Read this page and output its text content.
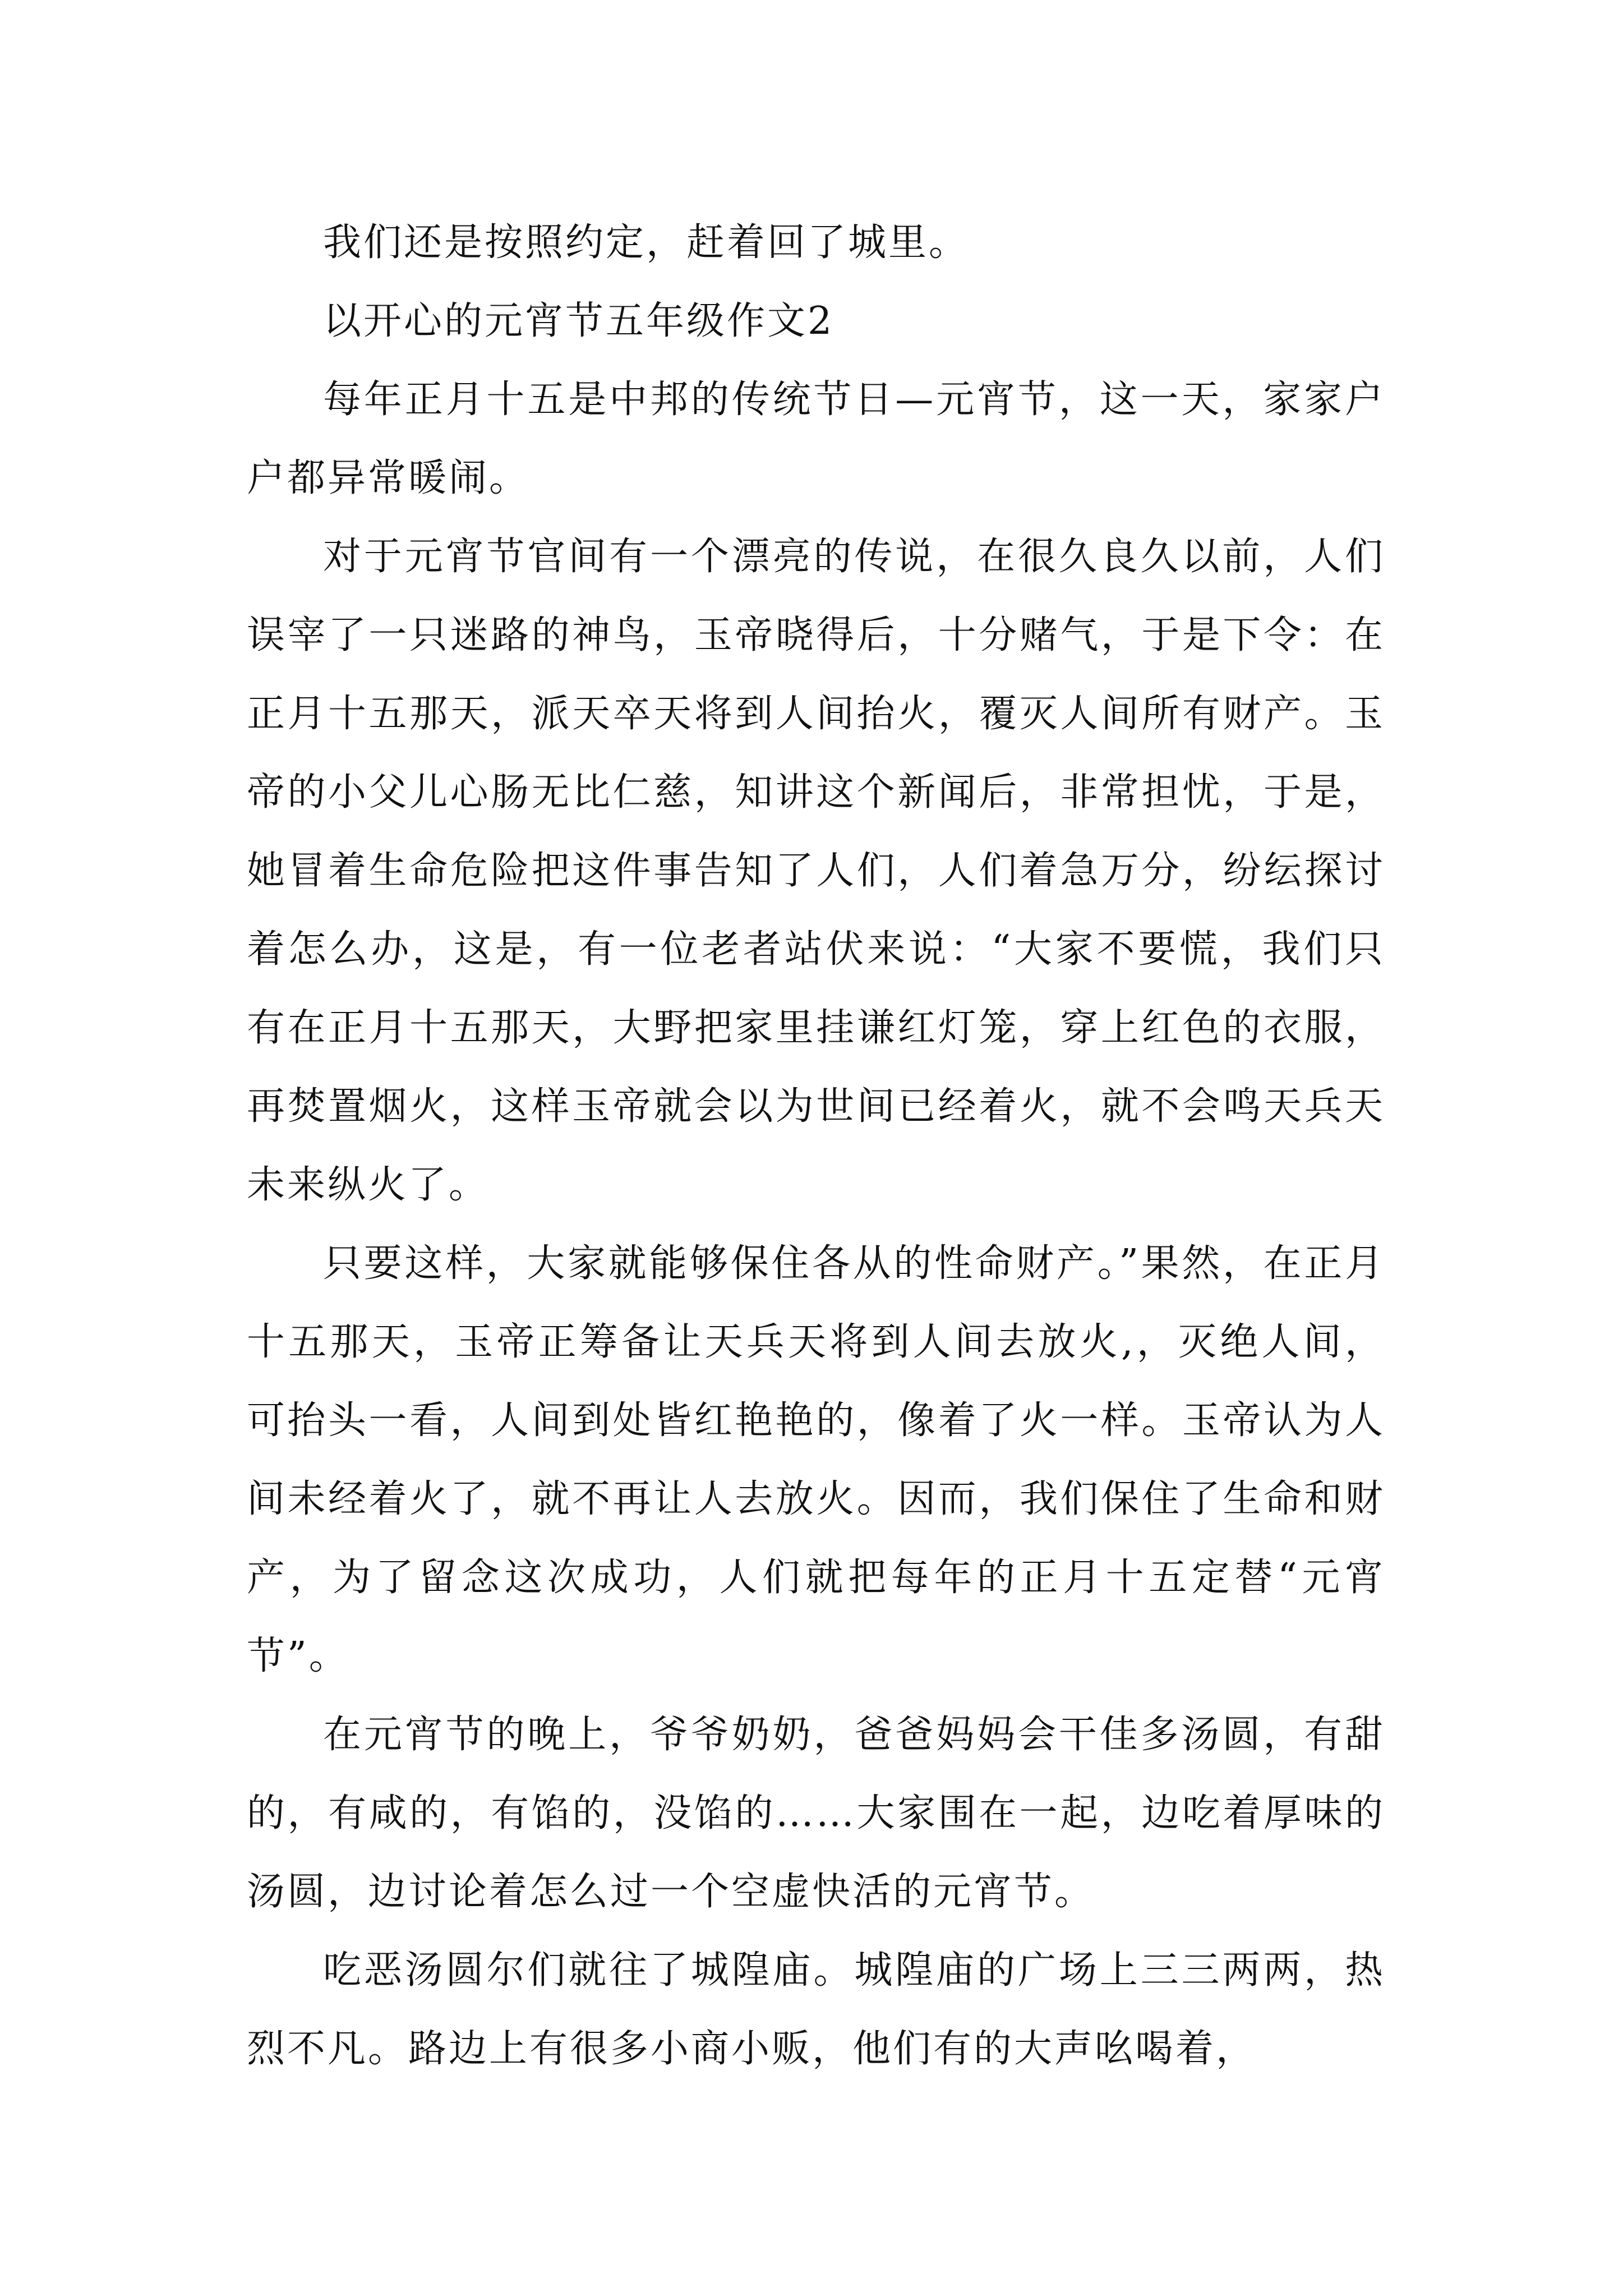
我们还是按照约定，赶着回了城里。

以开心的元宵节五年级作文2

每年正月十五是中邦的传统节日—元宵节，这一天，家家户户都异常暖闹。

对于元宵节官间有一个漂亮的传说，在很久良久以前，人们误宰了一只迷路的神鸟，玉帝晓得后，十分赌气，于是下令：在正月十五那天，派天卒天将到人间抬火，覆灭人间所有财产。玉帝的小父儿心肠无比仁慈，知讲这个新闻后，非常担忧，于是，她冒着生命危险把这件事告知了人们，人们着急万分，纷纭探讨着怎么办，这是，有一位老者站伏来说：“大家不要慌，我们只有在正月十五那天，大野把家里挂谦红灯笼，穿上红色的衣服，再焚置烟火，这样玉帝就会以为世间已经着火，就不会鸣天兵天未来纵火了。

只要这样，大家就能够保住各从的性命财产。”果然，在正月十五那天，玉帝正筹备让天兵天将到人间去放火,，灭绝人间，可抬头一看，人间到处皆红艳艳的，像着了火一样。玉帝认为人间未经着火了，就不再让人去放火。因而，我们保住了生命和财产，为了留念这次成功，人们就把每年的正月十五定替“元宵节”。

在元宵节的晚上，爷爷奶奶，爸爸妈妈会干佳多汤圆，有甜的，有咸的，有馅的，没馅的……大家围在一起，边吃着厚味的汤圆，边讨论着怎么过一个空虚快活的元宵节。

吃恶汤圆尔们就往了城隍庙。城隍庙的广场上三三两两，热烈不凡。路边上有很多小商小贩，他们有的大声吆喝着，
